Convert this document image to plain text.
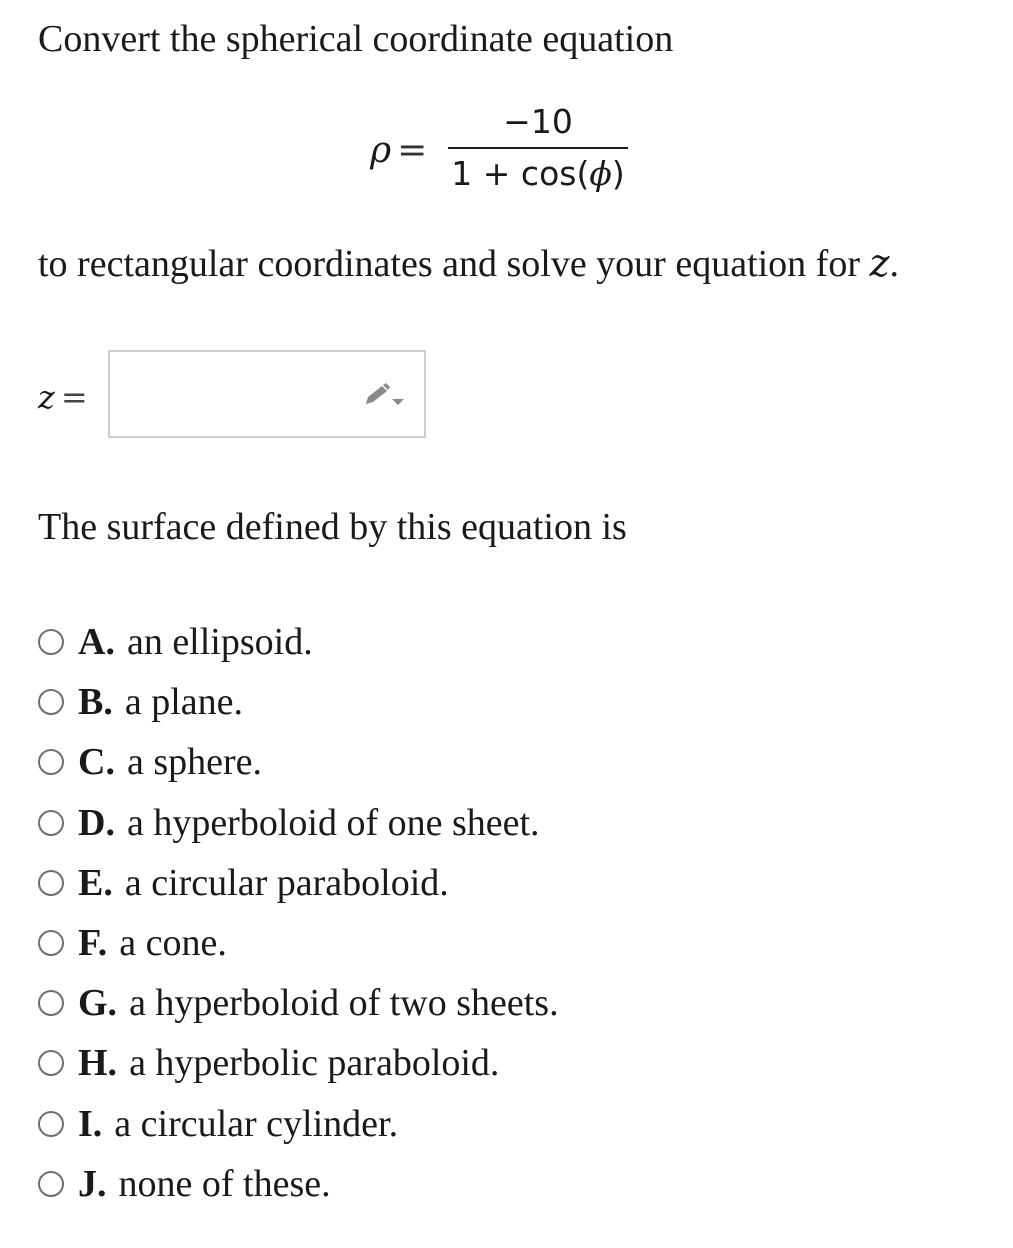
Convert the spherical coordinate equation
ρ =
−10
1 + cos(ϕ)
to rectangular coordinates and solve your equation for z.
z =
The surface defined by this equation is
A. an ellipsoid.
B. a plane.
C. a sphere.
D. a hyperboloid of one sheet.
E. a circular paraboloid.
F. a cone.
G. a hyperboloid of two sheets.
H. a hyperbolic paraboloid.
I. a circular cylinder.
J. none of these.
